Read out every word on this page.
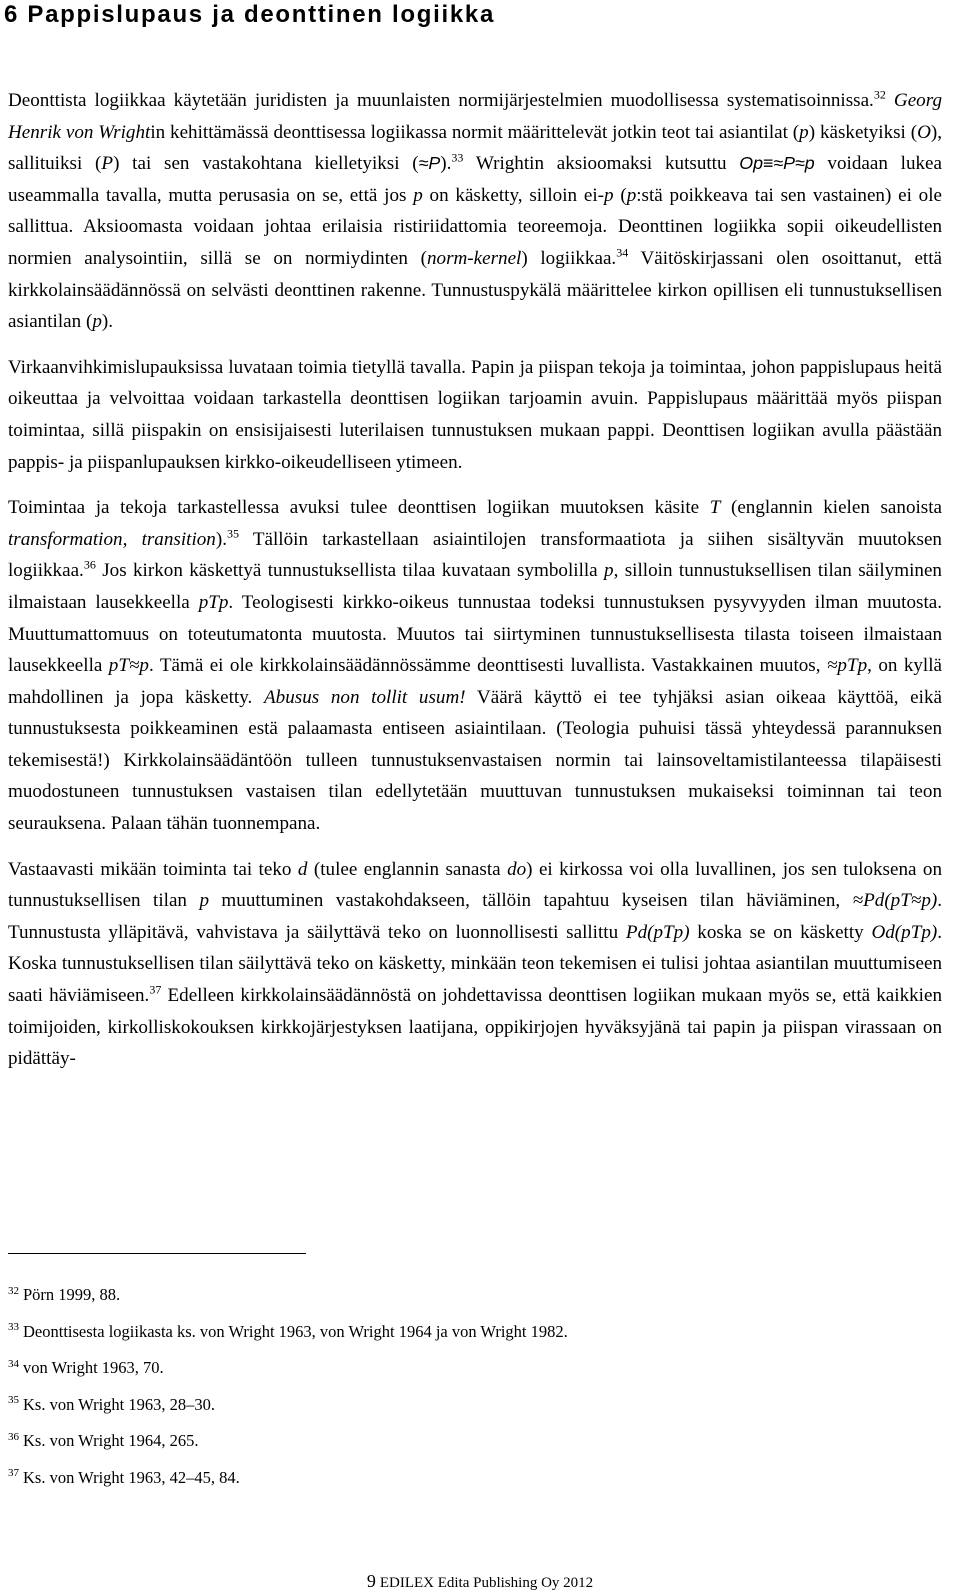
6 Pappislupaus ja deonttinen logiikka

Deonttista logiikkaa käytetään juridisten ja muunlaisten normijärjestelmien muodollisessa systematisoinnissa.$^{32}$ Georg Henrik von Wrightin kehittämässä deonttisessa logiikassa normit määrittelevät jotkin teot tai asiantilat (p) käsketyiksi (O), sallituiksi (P) tai sen vastakohtana kielletyiksi (≈P).$^{33}$ Wrightin aksioomaksi kutsuttu Op≡≈P≈p voidaan lukea useammalla tavalla, mutta perusasia on se, että jos p on käsketty, silloin ei-p (p:stä poikkeava tai sen vastainen) ei ole sallittua. Aksioomasta voidaan johtaa erilaisia ristiriidattomia teoreemoja. Deonttinen logiikka sopii oikeudellisten normien analysointiin, sillä se on normiydinten (norm-kernel) logiikkaa.$^{34}$ Väitöskirjassani olen osoittanut, että kirkkolainsäädännössä on selvästi deonttinen rakenne. Tunnustuspykälä määrittelee kirkon opillisen eli tunnustuksellisen asiantilan (p).

Virkaanvihkimislupauksissa luvataan toimia tietyllä tavalla. Papin ja piispan tekoja ja toimintaa, johon pappislupaus heitä oikeuttaa ja velvoittaa voidaan tarkastella deonttisen logiikan tarjoamin avuin. Pappislupaus määrittää myös piispan toimintaa, sillä piispakin on ensisijaisesti luterilaisen tunnustuksen mukaan pappi. Deonttisen logiikan avulla päästään pappis- ja piispanlupauksen kirkko-oikeudelliseen ytimeen.

Toimintaa ja tekoja tarkastellessa avuksi tulee deonttisen logiikan muutoksen käsite T (englannin kielen sanoista transformation, transition).$^{35}$ Tällöin tarkastellaan asiaintilojen transformaatiota ja siihen sisältyvän muutoksen logiikkaa.$^{36}$ Jos kirkon käskettyä tunnustuksellista tilaa kuvataan symbolilla p, silloin tunnustuksellisen tilan säilyminen ilmaistaan lausekkeella pTp. Teologisesti kirkko-oikeus tunnustaa todeksi tunnustuksen pysyvyyden ilman muutosta. Muuttumattomuus on toteutumatonta muutosta. Muutos tai siirtyminen tunnustuksellisesta tilasta toiseen ilmaistaan lausekkeella pT≈p. Tämä ei ole kirkkolainsäädännössämme deonttisesti luvallista. Vastakkainen muutos, ≈pTp, on kyllä mahdollinen ja jopa käsketty. Abusus non tollit usum! Väärä käyttö ei tee tyhjäksi asian oikeaa käyttöä, eikä tunnustuksesta poikkeaminen estä palaamasta entiseen asiaintilaan. (Teologia puhuisi tässä yhteydessä parannuksen tekemisestä!) Kirkkolainsäädäntöön tulleen tunnustuksenvastaisen normin tai lainsoveltamistilanteessa tilapäisesti muodostuneen tunnustuksen vastaisen tilan edellytetään muuttuvan tunnustuksen mukaiseksi toiminnan tai teon seurauksena. Palaan tähän tuonnempana.

Vastaavasti mikään toiminta tai teko d (tulee englannin sanasta do) ei kirkossa voi olla luvallinen, jos sen tuloksena on tunnustuksellisen tilan p muuttuminen vastakohdakseen, tällöin tapahtuu kyseisen tilan häviäminen, ≈Pd(pT≈p). Tunnustusta ylläpitävä, vahvistava ja säilyttävä teko on luonnollisesti sallittu Pd(pTp) koska se on käsketty Od(pTp). Koska tunnustuksellisen tilan säilyttävä teko on käsketty, minkään teon tekemisen ei tulisi johtaa asiantilan muuttumiseen saati häviämiseen.$^{37}$ Edelleen kirkkolainsäädännöstä on johdettavissa deonttisen logiikan mukaan myös se, että kaikkien toimijoiden, kirkolliskokouksen kirkkojärjestyksen laatijana, oppikirjojen hyväksyjänä tai papin ja piispan virassaan on pidättäy-

$^{32}$ Pörn 1999, 88.
$^{33}$ Deonttisesta logiikasta ks. von Wright 1963, von Wright 1964 ja von Wright 1982.
$^{34}$ von Wright 1963, 70.
$^{35}$ Ks. von Wright 1963, 28–30.
$^{36}$ Ks. von Wright 1964, 265.
$^{37}$ Ks. von Wright 1963, 42–45, 84.
9 EDILEX Edita Publishing Oy 2012
